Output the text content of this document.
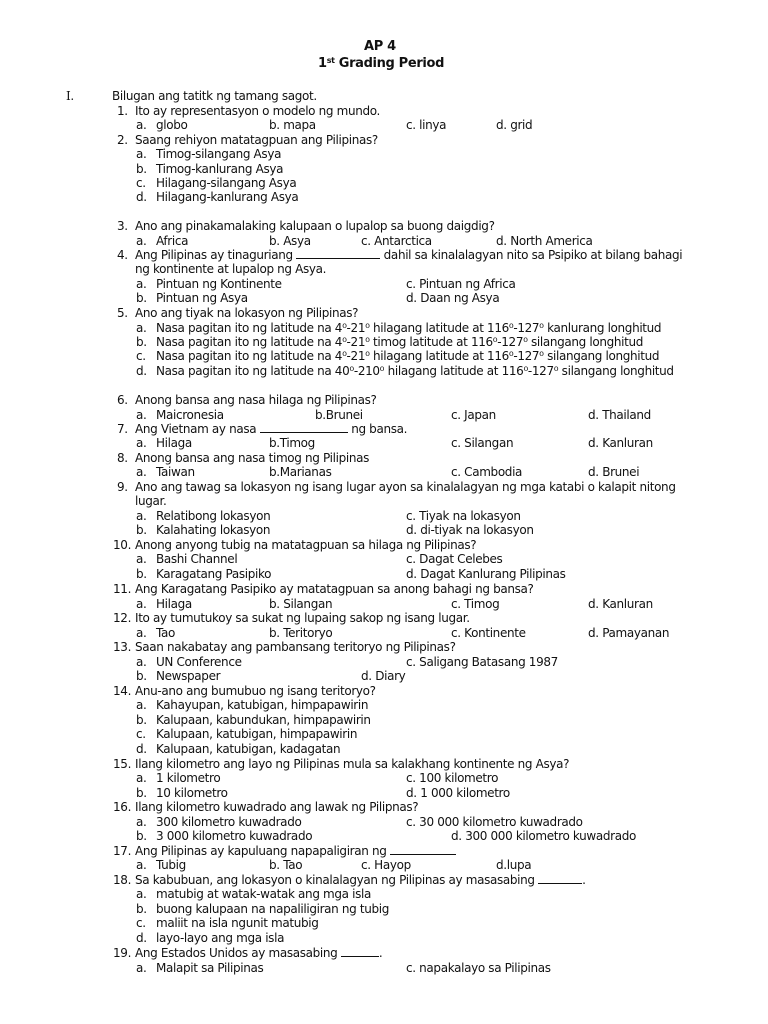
AP 4
1st Grading Period
I.	Bilugan ang tatitk ng tamang sagot.
1. Ito ay representasyon o modelo ng mundo.
a. globo	b. mapa	c. linya	d. grid
2. Saang rehiyon matatagpuan ang Pilipinas?
a. Timog-silangang Asya
b. Timog-kanlurang Asya
c. Hilagang-silangang Asya
d. Hilagang-kanlurang Asya
3. Ano ang pinakamalaking kalupaan o lupalop sa buong daigdig?
a. Africa	b. Asya	c. Antarctica	d. North America
4. Ang Pilipinas ay tinaguriang	dahil sa kinalalagyan nito sa Psipiko at bilang bahagi
ng kontinente at lupalop ng Asya.
a. Pintuan ng Kontinente	c. Pintuan ng Africa
b. Pintuan ng Asya	d. Daan ng Asya
5. Ano ang tiyak na lokasyon ng Pilipinas?
a. Nasa pagitan ito ng latitude na 4⁰-21⁰ hilagang latitude at 116⁰-127⁰ kanlurang longhitud
b. Nasa pagitan ito ng latitude na 4⁰-21⁰ timog latitude at 116⁰-127⁰ silangang longhitud
c. Nasa pagitan ito ng latitude na 4⁰-21⁰ hilagang latitude at 116⁰-127⁰ silangang longhitud
d. Nasa pagitan ito ng latitude na 40⁰-210⁰ hilagang latitude at 116⁰-127⁰ silangang longhitud
6. Anong bansa ang nasa hilaga ng Pilipinas?
a. Maicronesia	b.Brunei	c. Japan	d. Thailand
7. Ang Vietnam ay nasa	ng bansa.
a. Hilaga	b.Timog	c. Silangan	d. Kanluran
8. Anong bansa ang nasa timog ng Pilipinas
a. Taiwan	b.Marianas	c. Cambodia	d. Brunei
9. Ano ang tawag sa lokasyon ng isang lugar ayon sa kinalalagyan ng mga katabi o kalapit nitong
lugar.
a. Relatibong lokasyon	c. Tiyak na lokasyon
b. Kalahating lokasyon	d. di-tiyak na lokasyon
10. Anong anyong tubig na matatagpuan sa hilaga ng Pilipinas?
a. Bashi Channel	c. Dagat Celebes
b. Karagatang Pasipiko	d. Dagat Kanlurang Pilipinas
11. Ang Karagatang Pasipiko ay matatagpuan sa anong bahagi ng bansa?
a. Hilaga	b. Silangan	c. Timog	d. Kanluran
12. Ito ay tumutukoy sa sukat ng lupaing sakop ng isang lugar.
a. Tao	b. Teritoryo	c. Kontinente	d. Pamayanan
13. Saan nakabatay ang pambansang teritoryo ng Pilipinas?
a. UN Conference	c. Saligang Batasang 1987
b. Newspaper	d. Diary
14. Anu-ano ang bumubuo ng isang teritoryo?
a. Kahayupan, katubigan, himpapawirin
b. Kalupaan, kabundukan, himpapawirin
c. Kalupaan, katubigan, himpapawirin
d. Kalupaan, katubigan, kadagatan
15. Ilang kilometro ang layo ng Pilipinas mula sa kalakhang kontinente ng Asya?
a. 1 kilometro	c. 100 kilometro
b. 10 kilometro	d. 1 000 kilometro
16. Ilang kilometro kuwadrado ang lawak ng Pilipnas?
a. 300 kilometro kuwadrado	c. 30 000 kilometro kuwadrado
b. 3 000 kilometro kuwadrado	d. 300 000 kilometro kuwadrado
17. Ang Pilipinas ay kapuluang napapaligiran ng
a. Tubig	b. Tao	c. Hayop	d.lupa
18. Sa kabubuan, ang lokasyon o kinalalagyan ng Pilipinas ay masasabing	.
a. matubig at watak-watak ang mga isla
b. buong kalupaan na napaliligiran ng tubig
c. maliit na isla ngunit matubig
d. layo-layo ang mga isla
19. Ang Estados Unidos ay masasabing	.
a. Malapit sa Pilipinas	c. napakalayo sa Pilipinas
